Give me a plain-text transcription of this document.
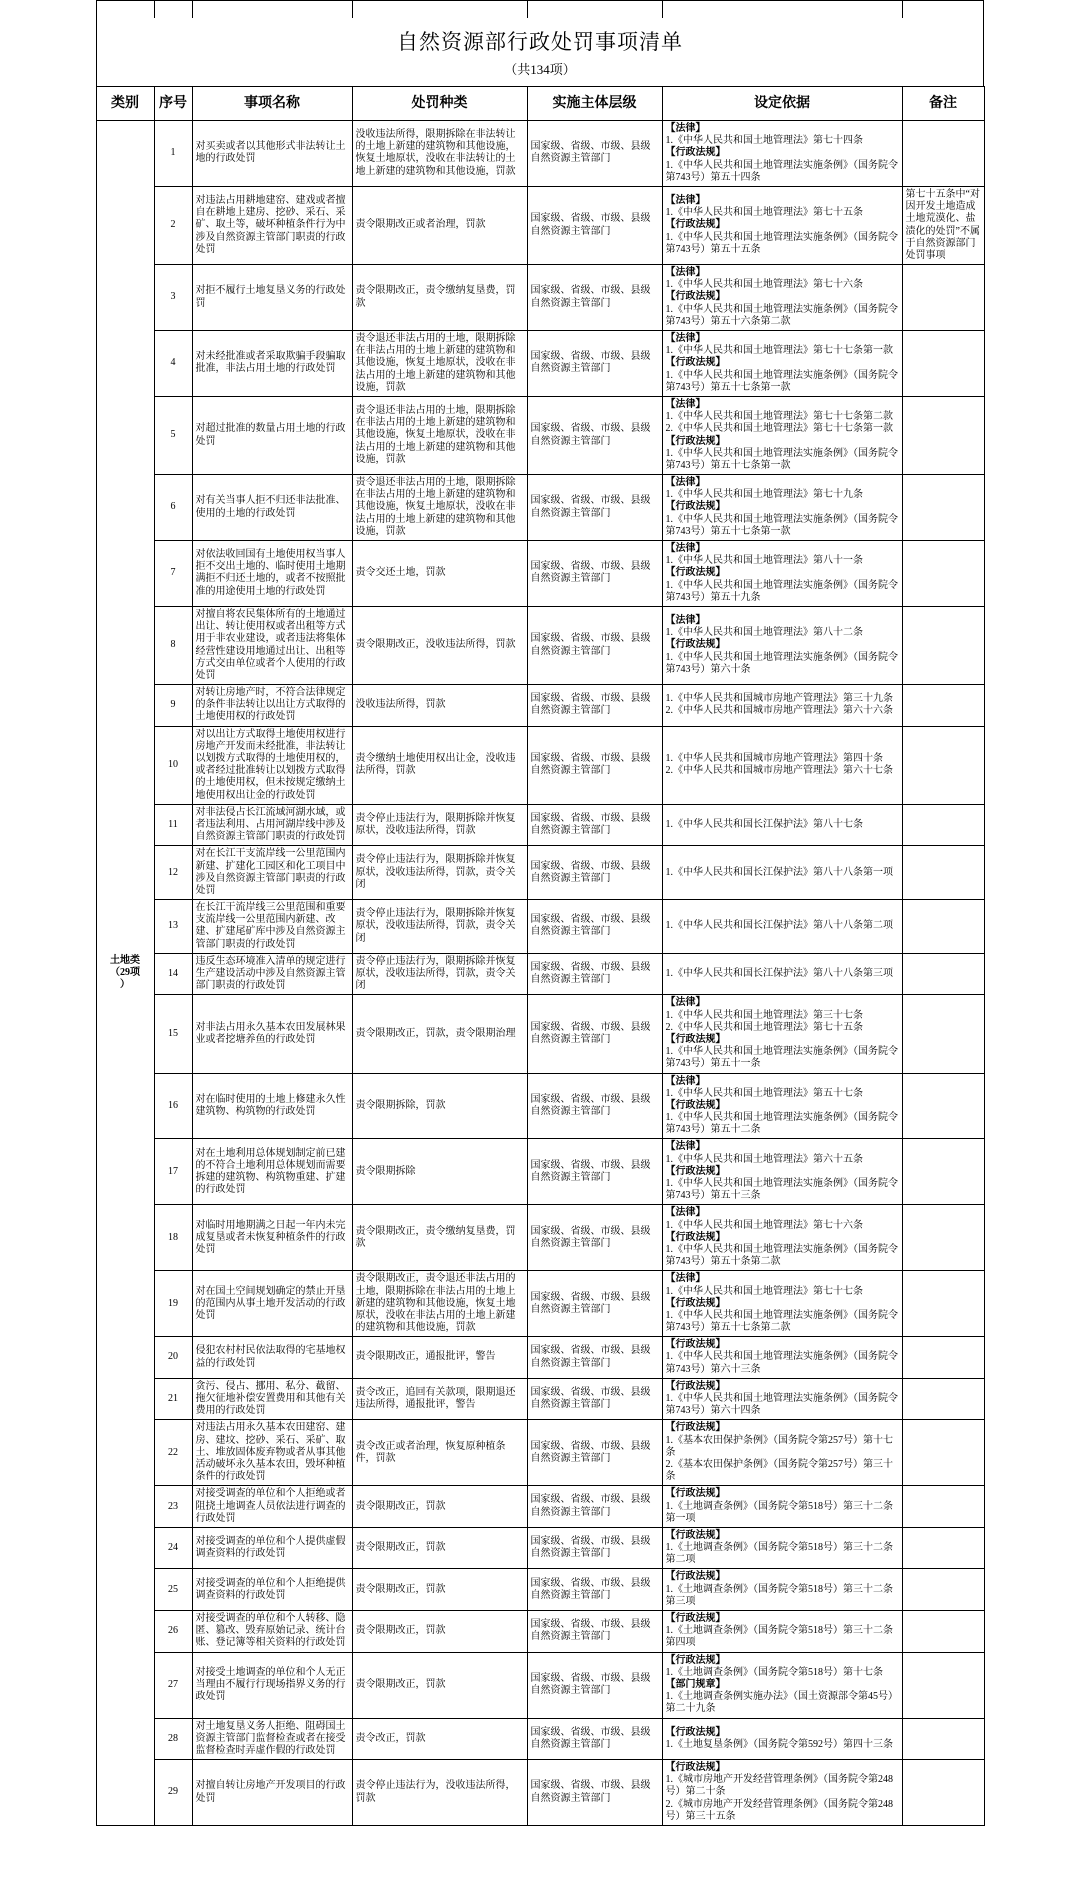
自然资源部行政处罚事项清单
（共134项）
类别	序号	事项名称	处罚种类	实施主体层级	设定依据	备注

土地类
（29项
）
	1	对买卖或者以其他形式非法转让土地的行政处罚	没收违法所得，限期拆除在非法转让的土地上新建的建筑物和其他设施，恢复土地原状，没收在非法转让的土地上新建的建筑物和其他设施，罚款	国家级、省级、市级、县级自然资源主管部门	
【法律】
1.《中华人民共和国土地管理法》第七十四条
【行政法规】
1.《中华人民共和国土地管理法实施条例》（国务院令第743号）第五十四条

	2	对违法占用耕地建窑、建戏或者擅自在耕地上建房、挖砂、采石、采矿、取土等，破坏种植条件行为中涉及自然资源主管部门职责的行政处罚	责令限期改正或者治理，罚款	国家级、省级、市级、县级自然资源主管部门	【法律】
1.《中华人民共和国土地管理法》第七十五条
【行政法规】
1.《中华人民共和国土地管理法实施条例》（国务院令第743号）第五十五条	第七十五条中“对因开发土地造成土地荒漠化、盐渍化的处罚”不属于自然资源部门处罚事项
	3	对拒不履行土地复垦义务的行政处罚	责令限期改正，责令缴纳复垦费，罚款	国家级、省级、市级、县级自然资源主管部门	【法律】
1.《中华人民共和国土地管理法》第七十六条
【行政法规】
1.《中华人民共和国土地管理法实施条例》（国务院令第743号）第五十六条第二款	

	4	对未经批准或者采取欺骗手段骗取批准，非法占用土地的行政处罚	责令退还非法占用的土地，限期拆除在非法占用的土地上新建的建筑物和其他设施，恢复土地原状，没收在非法占用的土地上新建的建筑物和其他设施，罚款	国家级、省级、市级、县级自然资源主管部门	【法律】
1.《中华人民共和国土地管理法》第七十七条第一款
【行政法规】
1.《中华人民共和国土地管理法实施条例》（国务院令第743号）第五十七条第一款	

	5	对超过批准的数量占用土地的行政处罚	责令退还非法占用的土地，限期拆除在非法占用的土地上新建的建筑物和其他设施，恢复土地原状，没收在非法占用的土地上新建的建筑物和其他设施，罚款	国家级、省级、市级、县级自然资源主管部门	【法律】
1.《中华人民共和国土地管理法》第七十七条第二款
2.《中华人民共和国土地管理法》第七十七条第一款
【行政法规】
1.《中华人民共和国土地管理法实施条例》（国务院令第743号）第五十七条第一款	

	6	对有关当事人拒不归还非法批准、使用的土地的行政处罚	责令退还非法占用的土地，限期拆除在非法占用的土地上新建的建筑物和其他设施，恢复土地原状，没收在非法占用的土地上新建的建筑物和其他设施，罚款	国家级、省级、市级、县级自然资源主管部门	【法律】
1.《中华人民共和国土地管理法》第七十九条
【行政法规】
1.《中华人民共和国土地管理法实施条例》（国务院令第743号）第五十七条第一款	

	7	对依法收回国有土地使用权当事人拒不交出土地的、临时使用土地期满拒不归还土地的，或者不按照批准的用途使用土地的行政处罚	责令交还土地，罚款	国家级、省级、市级、县级自然资源主管部门	【法律】
1.《中华人民共和国土地管理法》第八十一条
【行政法规】
1.《中华人民共和国土地管理法实施条例》（国务院令第743号）第五十九条	

	8	对擅自将农民集体所有的土地通过出让、转让使用权或者出租等方式用于非农业建设，或者违法将集体经营性建设用地通过出让、出租等方式交由单位或者个人使用的行政处罚	责令限期改正，没收违法所得，罚款	国家级、省级、市级、县级自然资源主管部门	【法律】
1.《中华人民共和国土地管理法》第八十二条
【行政法规】
1.《中华人民共和国土地管理法实施条例》（国务院令第743号）第六十条	

	9	对转让房地产时，不符合法律规定的条件非法转让以出让方式取得的土地使用权的行政处罚	没收违法所得，罚款	国家级、省级、市级、县级自然资源主管部门	1.《中华人民共和国城市房地产管理法》第三十九条
2.《中华人民共和国城市房地产管理法》第六十六条	

	10	对以出让方式取得土地使用权进行房地产开发而未经批准，非法转让以划拨方式取得的土地使用权的，或者经过批准转让以划拨方式取得的土地使用权，但未按规定缴纳土地使用权出让金的行政处罚	责令缴纳土地使用权出让金，没收违法所得，罚款	国家级、省级、市级、县级自然资源主管部门	1.《中华人民共和国城市房地产管理法》第四十条
2.《中华人民共和国城市房地产管理法》第六十七条	

	11	对非法侵占长江流域河湖水域，或者违法利用、占用河湖岸线中涉及自然资源主管部门职责的行政处罚	责令停止违法行为，限期拆除并恢复原状，没收违法所得，罚款	国家级、省级、市级、县级自然资源主管部门	1.《中华人民共和国长江保护法》第八十七条	

	12	对在长江干支流岸线一公里范围内新建、扩建化工园区和化工项目中涉及自然资源主管部门职责的行政处罚	责令停止违法行为，限期拆除并恢复原状，没收违法所得，罚款，责令关闭	国家级、省级、市级、县级自然资源主管部门	1.《中华人民共和国长江保护法》第八十八条第一项	

	13	在长江干流岸线三公里范围和重要支流岸线一公里范围内新建、改建、扩建尾矿库中涉及自然资源主管部门职责的行政处罚	责令停止违法行为，限期拆除并恢复原状，没收违法所得，罚款，责令关闭	国家级、省级、市级、县级自然资源主管部门	1.《中华人民共和国长江保护法》第八十八条第二项	

	14	违反生态环境准入清单的规定进行生产建设活动中涉及自然资源主管部门职责的行政处罚	责令停止违法行为，限期拆除并恢复原状，没收违法所得，罚款，责令关闭	国家级、省级、市级、县级自然资源主管部门	1.《中华人民共和国长江保护法》第八十八条第三项	

	15	对非法占用永久基本农田发展林果业或者挖塘养鱼的行政处罚	责令限期改正，罚款，责令限期治理	国家级、省级、市级、县级自然资源主管部门	【法律】
1.《中华人民共和国土地管理法》第三十七条
2.《中华人民共和国土地管理法》第七十五条
【行政法规】
1.《中华人民共和国土地管理法实施条例》（国务院令第743号）第五十一条	

	16	对在临时使用的土地上修建永久性建筑物、构筑物的行政处罚	责令限期拆除，罚款	国家级、省级、市级、县级自然资源主管部门	【法律】
1.《中华人民共和国土地管理法》第五十七条
【行政法规】
1.《中华人民共和国土地管理法实施条例》（国务院令第743号）第五十二条	

	17	对在土地利用总体规划制定前已建的不符合土地利用总体规划而需要拆建的建筑物、构筑物重建、扩建的行政处罚	责令限期拆除	国家级、省级、市级、县级自然资源主管部门	【法律】
1.《中华人民共和国土地管理法》第六十五条
【行政法规】
1.《中华人民共和国土地管理法实施条例》（国务院令第743号）第五十三条	

	18	对临时用地期满之日起一年内未完成复垦或者未恢复种植条件的行政处罚	责令限期改正，责令缴纳复垦费，罚款	国家级、省级、市级、县级自然资源主管部门	【法律】
1.《中华人民共和国土地管理法》第七十六条
【行政法规】
1.《中华人民共和国土地管理法实施条例》（国务院令第743号）第五十条第二款	

	19	对在国土空间规划确定的禁止开垦的范围内从事土地开发活动的行政处罚	责令限期改正，责令退还非法占用的土地，限期拆除在非法占用的土地上新建的建筑物和其他设施，恢复土地原状，没收在非法占用的土地上新建的建筑物和其他设施，罚款	国家级、省级、市级、县级自然资源主管部门	【法律】
1.《中华人民共和国土地管理法》第七十七条
【行政法规】
1.《中华人民共和国土地管理法实施条例》（国务院令第743号）第五十七条第二款	

	20	侵犯农村村民依法取得的宅基地权益的行政处罚	责令限期改正，通报批评，警告	国家级、省级、市级、县级自然资源主管部门	【行政法规】
1.《中华人民共和国土地管理法实施条例》（国务院令第743号）第六十三条	

	21	贪污、侵占、挪用、私分、截留、拖欠征地补偿安置费用和其他有关费用的行政处罚	责令改正，追回有关款项，限期退还违法所得，通报批评，警告	国家级、省级、市级、县级自然资源主管部门	【行政法规】
1.《中华人民共和国土地管理法实施条例》（国务院令第743号）第六十四条	

	22	对违法占用永久基本农田建窑、建房、建坟、挖砂、采石、采矿、取土、堆放固体废弃物或者从事其他活动破坏永久基本农田，毁坏种植条件的行政处罚	责令改正或者治理，恢复原种植条件，罚款	国家级、省级、市级、县级自然资源主管部门	【行政法规】
1.《基本农田保护条例》（国务院令第257号）第十七条
2.《基本农田保护条例》（国务院令第257号）第三十条	

	23	对接受调查的单位和个人拒绝或者阻挠土地调查人员依法进行调查的行政处罚	责令限期改正，罚款	国家级、省级、市级、县级自然资源主管部门	【行政法规】
1.《土地调查条例》（国务院令第518号）第三十二条第一项	

	24	对接受调查的单位和个人提供虚假调查资料的行政处罚	责令限期改正，罚款	国家级、省级、市级、县级自然资源主管部门	【行政法规】
1.《土地调查条例》（国务院令第518号）第三十二条第二项	

	25	对接受调查的单位和个人拒绝提供调查资料的行政处罚	责令限期改正，罚款	国家级、省级、市级、县级自然资源主管部门	【行政法规】
1.《土地调查条例》（国务院令第518号）第三十二条第三项	

	26	对接受调查的单位和个人转移、隐匿、篡改、毁弃原始记录、统计台账、登记簿等相关资料的行政处罚	责令限期改正，罚款	国家级、省级、市级、县级自然资源主管部门	【行政法规】
1.《土地调查条例》（国务院令第518号）第三十二条第四项	

	27	对接受土地调查的单位和个人无正当理由不履行行现场指界义务的行政处罚	责令限期改正，罚款	国家级、省级、市级、县级自然资源主管部门	【行政法规】
1.《土地调查条例》（国务院令第518号）第十七条
【部门规章】
1.《土地调查条例实施办法》（国土资源部令第45号）第二十九条	

	28	对土地复垦义务人拒绝、阻碍国土资源主管部门监督检查或者在接受监督检查时弄虚作假的行政处罚	责令改正，罚款	国家级、省级、市级、县级自然资源主管部门	【行政法规】
1.《土地复垦条例》（国务院令第592号）第四十三条	

	29	对擅自转让房地产开发项目的行政处罚	责令停止违法行为，没收违法所得，罚款	国家级、省级、市级、县级自然资源主管部门	【行政法规】
1.《城市房地产开发经营管理条例》（国务院令第248号）第二十条
2.《城市房地产开发经营管理条例》（国务院令第248号）第三十五条	
